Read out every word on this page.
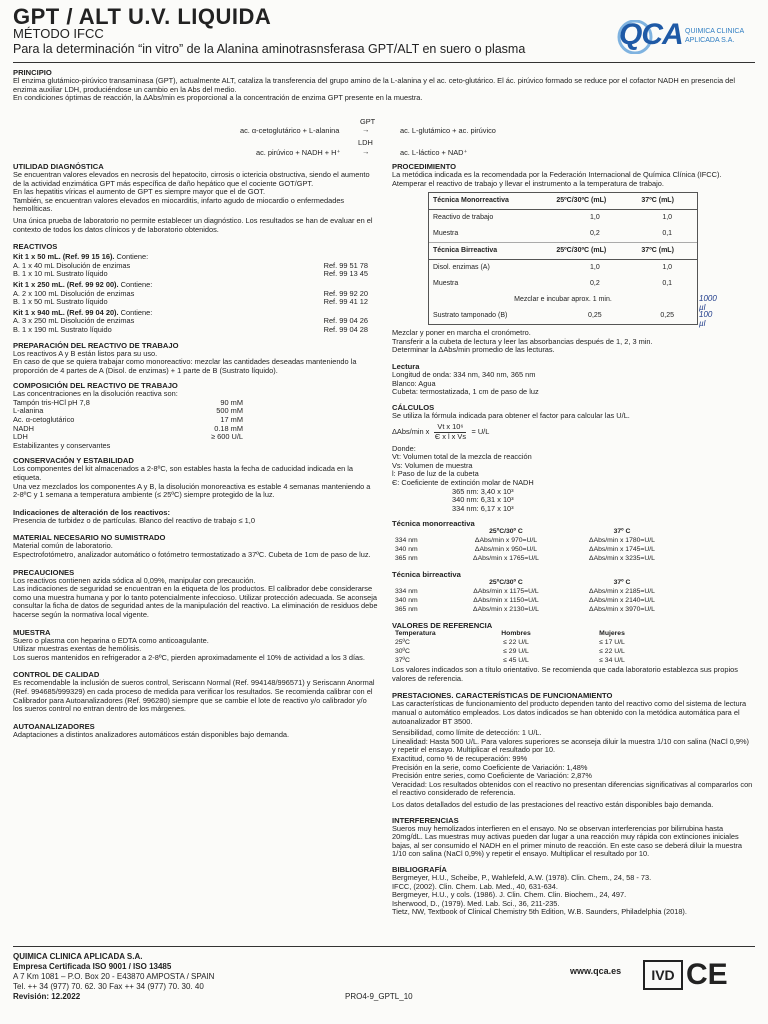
GPT / ALT U.V. LIQUIDA
MÉTODO IFCC
Para la determinación “in vitro” de la Alanina aminotrasnsferasa GPT/ALT en suero o plasma	QCA QUIMICA CLINICA
APLICADA S.A.
PRINCIPIO
El enzima glutámico-pirúvico transaminasa (GPT), actualmente ALT, cataliza la transferencia del grupo amino de la L-alanina y el ac. ceto-glutárico. El ác. pirúvico formado se reduce por el cofactor NADH en presencia del enzima auxiliar LDH, produciéndose un cambio en la Abs del medio.
En condiciones óptimas de reacción, la ΔAbs/min es proporcional a la concentración de enzima GPT presente en la muestra.
GPT
ac. α-cetoglutárico + L-alanina	→	ac. L-glutámico + ac. pirúvico
LDH
ac. pirúvico + NADH + H⁺	→	ac. L-láctico + NAD⁺
UTILIDAD DIAGNÓSTICA
Se encuentran valores elevados en necrosis del hepatocito, cirrosis o ictericia obstructiva, siendo el aumento de la actividad enzimática GPT más específica de daño hepático que el cociente GOT/GPT.
En las hepatitis víricas el aumento de GPT es siempre mayor que el de GOT.
También, se encuentran valores elevados en miocarditis, infarto agudo de miocardio o enfermedades hemolíticas.
Una única prueba de laboratorio no permite establecer un diagnóstico. Los resultados se han de evaluar en el contexto de todos los datos clínicos y de laboratorio obtenidos.
REACTIVOS
Kit 1 x 50 mL. (Ref. 99 15 16). Contiene:
A. 1 x 40 mL Disolución de enzimas	Ref. 99 51 78
B. 1 x 10 mL Sustrato líquido	Ref. 99 13 45
Kit 1 x 250 mL. (Ref. 99 92 00). Contiene:
A. 2 x 100 mL Disolución de enzimas	Ref. 99 92 20
B. 1 x 50 mL Sustrato líquido	Ref. 99 41 12
Kit 1 x 940 mL. (Ref. 99 04 20). Contiene:
A. 3 x 250 mL Disolución de enzimas	Ref. 99 04 26
B. 1 x 190 mL Sustrato líquido	Ref. 99 04 28
PREPARACIÓN DEL REACTIVO DE TRABAJO
Los reactivos A y B están listos para su uso.
En caso de que se quiera trabajar como monoreactivo: mezclar las cantidades deseadas manteniendo la proporción de 4 partes de A (Disol. de enzimas) + 1 parte de B (Sustrato líquido).
COMPOSICIÓN DEL REACTIVO DE TRABAJO
Las concentraciones en la disolución reactiva son:
Tampón tris-HCl pH 7,8	90 mM
L-alanina	500 mM
Ac. α-cetoglutárico	17 mM
NADH	0.18 mM
LDH	≥ 600 U/L
Estabilizantes y conservantes
CONSERVACIÓN Y ESTABILIDAD
Los componentes del kit almacenados a 2-8ºC, son estables hasta la fecha de caducidad indicada en la etiqueta.
Una vez mezclados los componentes A y B, la disolución monoreactiva es estable 4 semanas manteniendo a 2-8ºC y 1 semana a temperatura ambiente (≤ 25ºC) siempre protegido de la luz.
Indicaciones de alteración de los reactivos:
Presencia de turbidez o de partículas. Blanco del reactivo de trabajo ≤ 1,0
MATERIAL NECESARIO NO SUMISTRADO
Material común de laboratorio.
Espectrofotómetro, analizador automático o fotómetro termostatizado a 37ºC. Cubeta de 1cm de paso de luz.
PRECAUCIONES
Los reactivos contienen azida sódica al 0,09%, manipular con precaución.
Las indicaciones de seguridad se encuentran en la etiqueta de los productos. El calibrador debe considerarse como una muestra humana y por lo tanto potencialmente infeccioso. Utilizar protección adecuada. Se aconseja consultar la ficha de datos de seguridad antes de la manipulación del reactivo. La eliminación de residuos debe hacerse según la normativa local vigente.
MUESTRA
Suero o plasma con heparina o EDTA como anticoagulante.
Utilizar muestras exentas de hemólisis.
Los sueros mantenidos en refrigerador a 2-8ºC, pierden aproximadamente el 10% de actividad a los 3 días.
CONTROL DE CALIDAD
Es recomendable la inclusión de sueros control, Seriscann Normal (Ref. 994148/996571) y Seriscann Anormal (Ref. 994685/999329) en cada proceso de medida para verificar los resultados. Se recomienda calibrar con el Calibrador para Autoanalizadores (Ref. 996280) siempre que se cambie el lote de reactivo y/o calibrador y/o los sueros control no entran dentro de los márgenes.
AUTOANALIZADORES
Adaptaciones a distintos analizadores automáticos están disponibles bajo demanda.
PROCEDIMIENTO
La metódica indicada es la recomendada por la Federación Internacional de Química Clínica (IFCC).
Atemperar el reactivo de trabajo y llevar el instrumento a la temperatura de trabajo.
Técnica Monorreactiva	25ºC/30ºC (mL)	37ºC (mL)
Reactivo de trabajo	1,0	1,0
Muestra	0,2	0,1
Técnica Birreactiva	25ºC/30ºC (mL)	37ºC (mL)
Disol. enzimas (A)	1,0	1,0
Muestra	0,2	0,1
Mezclar e incubar aprox. 1 min.		
Sustrato tamponado (B)	0,25	0,25
1000 µl
100 µl
Mezclar y poner en marcha el cronómetro.
Transferir a la cubeta de lectura y leer las absorbancias después de 1, 2, 3 min.
Determinar la ΔAbs/min promedio de las lecturas.
Lectura
Longitud de onda: 334 nm, 340 nm, 365 nm
Blanco: Agua
Cubeta: termostatizada, 1 cm de paso de luz
CÁLCULOS
Se utiliza la fórmula indicada para obtener el factor para calcular las U/L.
ΔAbs/min x
Vt x 10⁶
Є x l x Vs
= U/L
Donde:
Vt: Volumen total de la mezcla de reacción
Vs: Volumen de muestra
l: Paso de luz de la cubeta
Є: Coeficiente de extinción molar de NADH
365 nm: 3,40 x 10³
340 nm: 6,31 x 10³
334 nm: 6,17 x 10³
Técnica monorreactiva
	25ºC/30º C	37º C
334 nm	ΔAbs/min x 970=U/L	ΔAbs/min x 1780=U/L
340 nm	ΔAbs/min x 950=U/L	ΔAbs/min x 1745=U/L
365 nm	ΔAbs/min x 1765=U/L	ΔAbs/min x 3235=U/L
Técnica birreactiva
	25ºC/30º C	37º C
334 nm	ΔAbs/min x 1175=U/L	ΔAbs/min x 2185=U/L
340 nm	ΔAbs/min x 1150=U/L	ΔAbs/min x 2140=U/L
365 nm	ΔAbs/min x 2130=U/L	ΔAbs/min x 3970=U/L
VALORES DE REFERENCIA
Temperatura	Hombres	Mujeres
25ºC	≤ 22 U/L	≤ 17 U/L
30ºC	≤ 29 U/L	≤ 22 U/L
37ºC	≤ 45 U/L	≤ 34 U/L
Los valores indicados son a título orientativo. Se recomienda que cada laboratorio establezca sus propios valores de referencia.
PRESTACIONES. CARACTERÍSTICAS DE FUNCIONAMIENTO
Las características de funcionamiento del producto dependen tanto del reactivo como del sistema de lectura manual o automático empleados. Los datos indicados se han obtenido con la metódica automática para el autoanalizador BT 3500.
Sensibilidad, como límite de detección: 1 U/L.
Linealidad: Hasta 500 U/L. Para valores superiores se aconseja diluir la muestra 1/10 con salina (NaCl 0,9%) y repetir el ensayo. Multiplicar el resultado por 10.
Exactitud, como % de recuperación: 99%
Precisión en la serie, como Coeficiente de Variación: 1,48%
Precisión entre series, como Coeficiente de Variación: 2,87%
Veracidad: Los resultados obtenidos con el reactivo no presentan diferencias significativas al compararlos con el reactivo considerado de referencia.
Los datos detallados del estudio de las prestaciones del reactivo están disponibles bajo demanda.
INTERFERENCIAS
Sueros muy hemolizados interfieren en el ensayo. No se observan interferencias por bilirrubina hasta 20mg/dL. Las muestras muy activas pueden dar lugar a una reacción muy rápida con extinciones iniciales bajas, al ser consumido el NADH en el primer minuto de reacción. En este caso se deberá diluir la muestra 1/10 con salina (NaCl 0,9%) y repetir el ensayo. Multiplicar el resultado por 10.
BIBLIOGRAFÍA
Bergmeyer, H.U., Scheibe, P., Wahlefeld, A.W. (1978). Clin. Chem., 24, 58 - 73.
IFCC, (2002). Clin. Chem. Lab. Med., 40, 631-634.
Bergmeyer, H.U., y cols. (1986). J. Clin. Chem. Clin. Biochem., 24, 497.
Isherwood, D., (1979). Med. Lab. Sci., 36, 211-235.
Tietz, NW, Textbook of Clinical Chemistry 5th Edition, W.B. Saunders, Philadelphia (2018).
QUIMICA CLINICA APLICADA S.A.
Empresa Certificada ISO 9001 / ISO 13485
A 7 Km 1081 – P.O. Box 20 - E43870 AMPOSTA / SPAIN
Tel. ++ 34 (977) 70. 62. 30 Fax ++ 34 (977) 70. 30. 40
Revisión: 12.2022	PRO4-9_GPTL_10
www.qca.es	IVD CE
